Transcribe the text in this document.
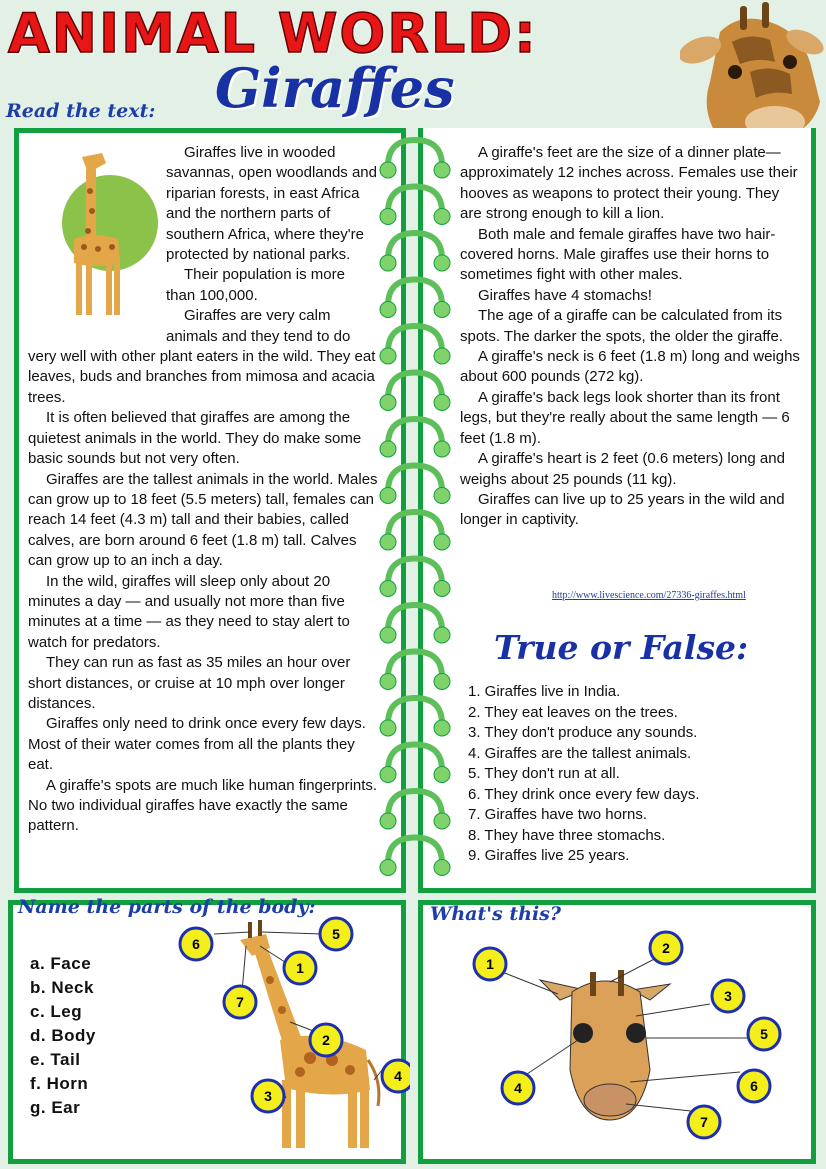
ANIMAL WORLD:
Giraffes
Read the text:

Giraffes live in wooded savannas, open woodlands and riparian forests, in east Africa and the northern parts of southern Africa, where they're protected by national parks.

Their population is more than 100,000.

Giraffes are very calm animals and they tend to do very well with other plant eaters in the wild. They eat leaves, buds and branches from mimosa and acacia trees.

It is often believed that giraffes are among the quietest animals in the world. They do make some basic sounds but not very often.

Giraffes are the tallest animals in the world. Males can grow up to 18 feet (5.5 meters) tall, females can reach 14 feet (4.3 m) tall and their babies, called calves, are born around 6 feet (1.8 m) tall. Calves can grow up to an inch a day.

In the wild, giraffes will sleep only about 20 minutes a day — and usually not more than five minutes at a time — as they need to stay alert to watch for predators.

They can run as fast as 35 miles an hour over short distances, or cruise at 10 mph over longer distances.

Giraffes only need to drink once every few days. Most of their water comes from all the plants they eat.

A giraffe's spots are much like human fingerprints. No two individual giraffes have exactly the same pattern.

A giraffe's feet are the size of a dinner plate—approximately 12 inches across. Females use their hooves as weapons to protect their young. They are strong enough to kill a lion.

Both male and female giraffes have two hair-covered horns. Male giraffes use their horns to sometimes fight with other males.

Giraffes have 4 stomachs!

The age of a giraffe can be calculated from its spots. The darker the spots, the older the giraffe.

A giraffe's neck is 6 feet (1.8 m) long and weighs about 600 pounds (272 kg).

A giraffe's back legs look shorter than its front legs, but they're really about the same length — 6 feet (1.8 m).

A giraffe's heart is 2 feet (0.6 meters) long and weighs about 25 pounds (11 kg).

Giraffes can live up to 25 years in the wild and longer in captivity.

http://www.livescience.com/27336-giraffes.html
True or False:
1. Giraffes live in India.
2. They eat leaves on the trees.
3. They don't produce any sounds.
4. Giraffes are the tallest animals.
5. They don't run at all.
6. They drink once every few days.
7. Giraffes have two horns.
8. They have three stomachs.
9. Giraffes live 25 years.
Name the parts of the body:
a. Face
b. Neck
c. Leg
d. Body
e. Tail
f. Horn
g. Ear
6
5
1
7
2
4
3
What's this?
1
2
3
5
4	6
7
